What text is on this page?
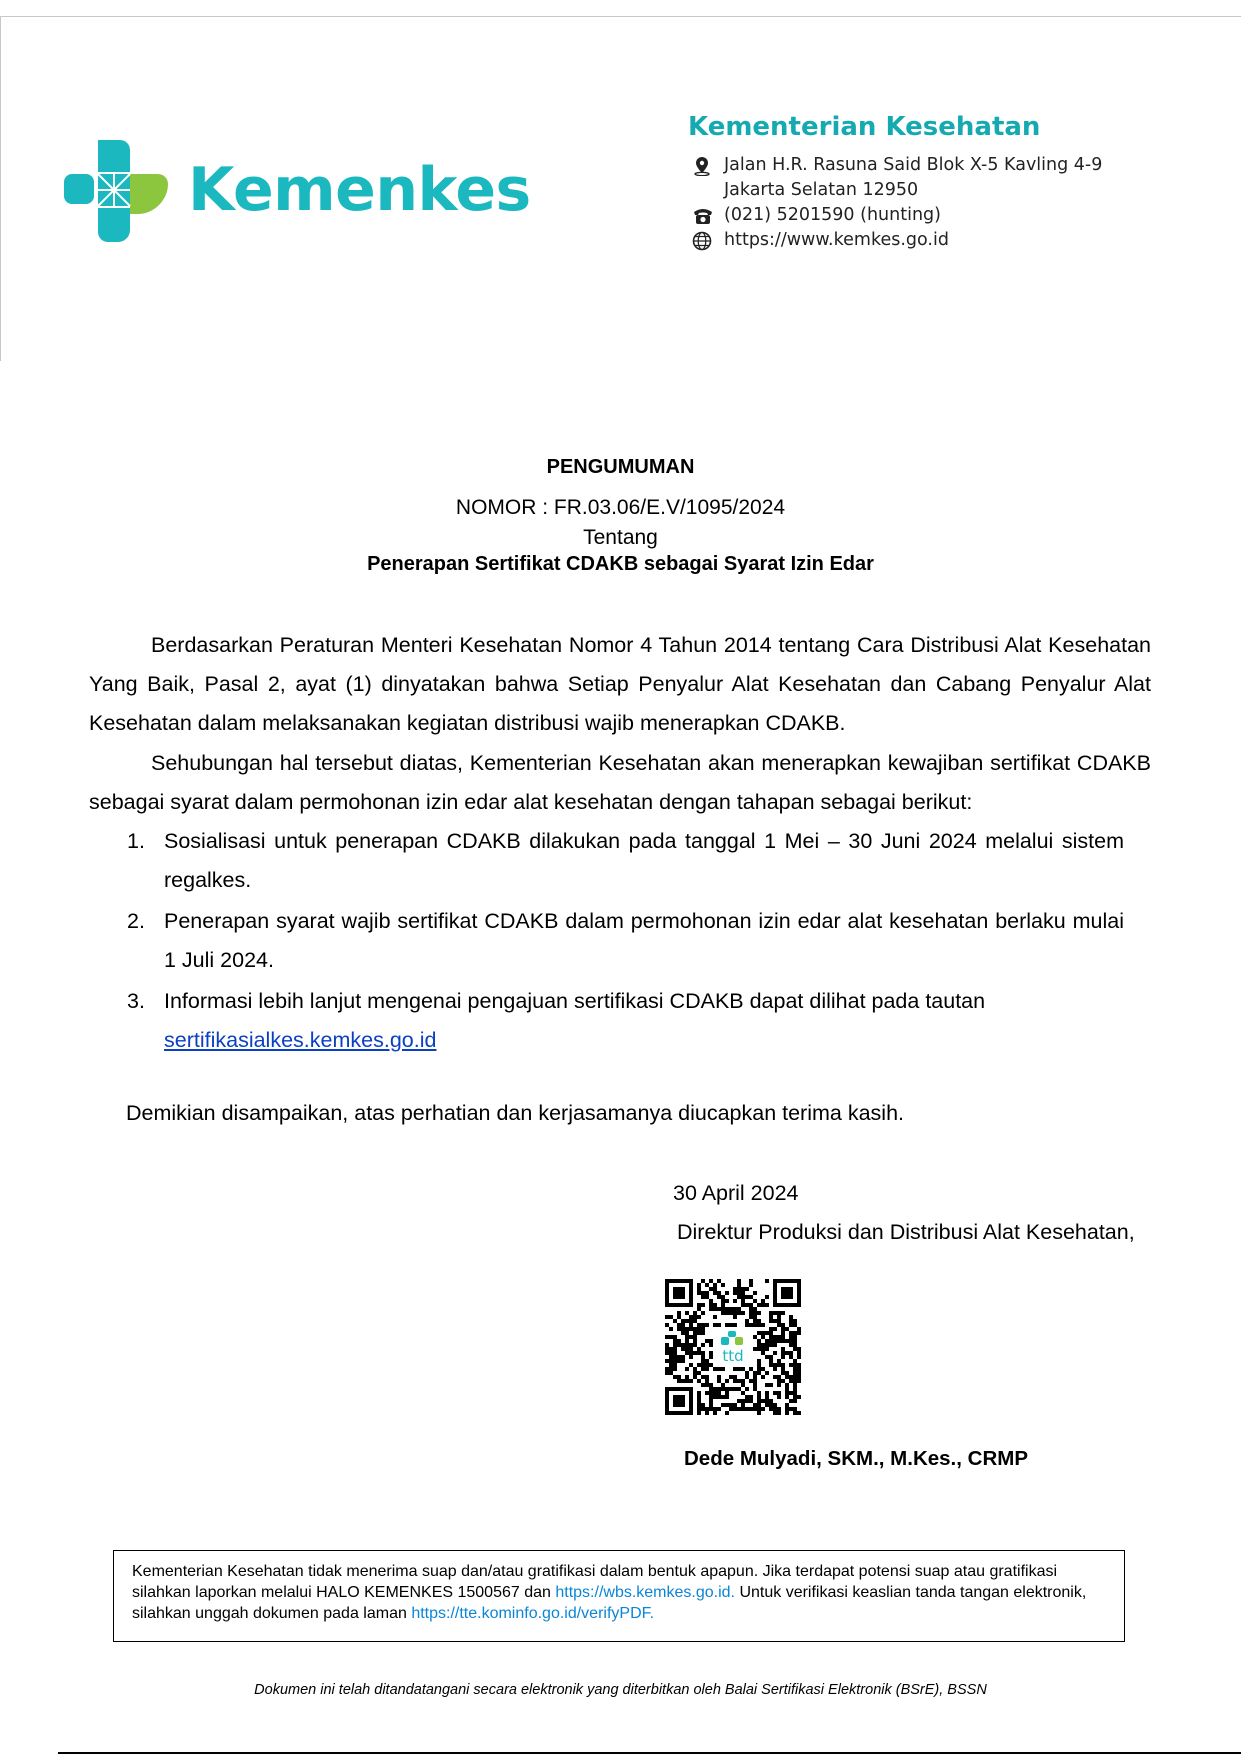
Kemenkes
Kementerian Kesehatan
Jalan H.R. Rasuna Said Blok X-5 Kavling 4-9
Jakarta Selatan 12950
(021) 5201590 (hunting)
https://www.kemkes.go.id
PENGUMUMAN
NOMOR : FR.03.06/E.V/1095/2024
Tentang
Penerapan Sertifikat CDAKB sebagai Syarat Izin Edar
Berdasarkan Peraturan Menteri Kesehatan Nomor 4 Tahun 2014 tentang Cara Distribusi Alat Kesehatan Yang Baik, Pasal 2, ayat (1) dinyatakan bahwa Setiap Penyalur Alat Kesehatan dan Cabang Penyalur Alat Kesehatan dalam melaksanakan kegiatan distribusi wajib menerapkan CDAKB.
Sehubungan hal tersebut diatas, Kementerian Kesehatan akan menerapkan kewajiban sertifikat CDAKB sebagai syarat dalam permohonan izin edar alat kesehatan dengan tahapan sebagai berikut:
1. Sosialisasi untuk penerapan CDAKB dilakukan pada tanggal 1 Mei – 30 Juni 2024 melalui sistem regalkes.
2. Penerapan syarat wajib sertifikat CDAKB dalam permohonan izin edar alat kesehatan berlaku mulai 1 Juli 2024.
3. Informasi lebih lanjut mengenai pengajuan sertifikasi CDAKB dapat dilihat pada tautan
sertifikasialkes.kemkes.go.id
Demikian disampaikan, atas perhatian dan kerjasamanya diucapkan terima kasih.
30 April 2024
Direktur Produksi dan Distribusi Alat Kesehatan,
ttd
Dede Mulyadi, SKM., M.Kes., CRMP
Kementerian Kesehatan tidak menerima suap dan/atau gratifikasi dalam bentuk apapun. Jika terdapat potensi suap atau gratifikasi silahkan laporkan melalui HALO KEMENKES 1500567 dan https://wbs.kemkes.go.id. Untuk verifikasi keaslian tanda tangan elektronik, silahkan unggah dokumen pada laman https://tte.kominfo.go.id/verifyPDF.
Dokumen ini telah ditandatangani secara elektronik yang diterbitkan oleh Balai Sertifikasi Elektronik (BSrE), BSSN
